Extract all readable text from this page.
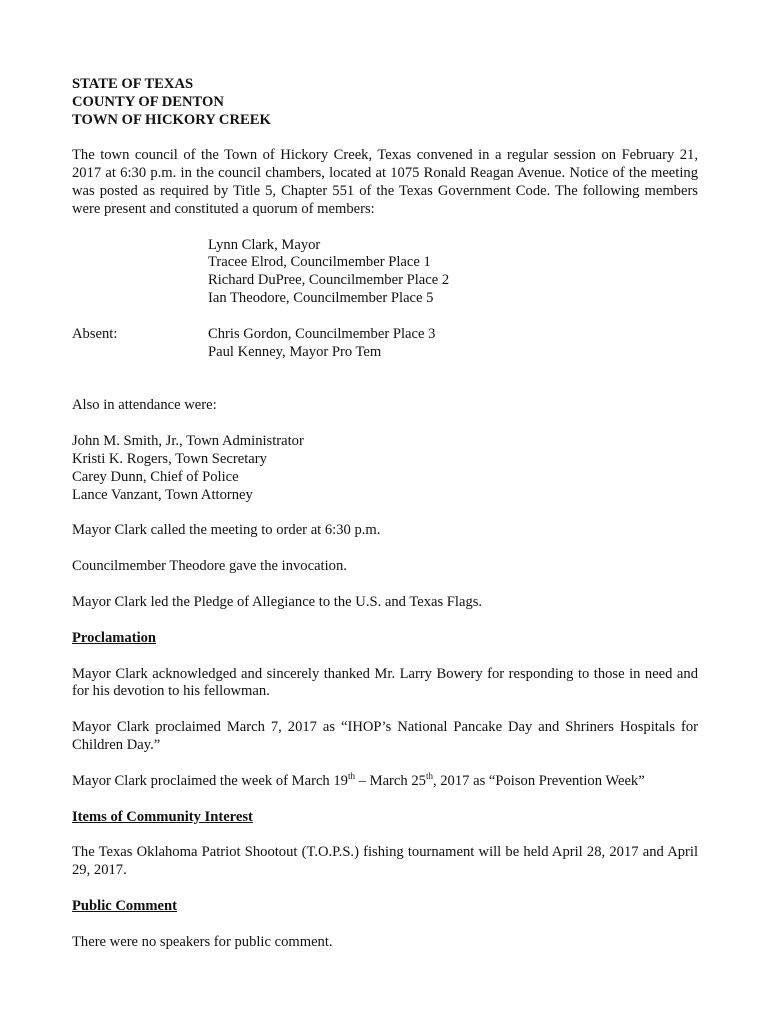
STATE OF TEXAS

COUNTY OF DENTON

TOWN OF HICKORY CREEK

The town council of the Town of Hickory Creek, Texas convened in a regular session on February 21, 2017 at 6:30 p.m. in the council chambers, located at 1075 Ronald Reagan Avenue. Notice of the meeting was posted as required by Title 5, Chapter 551 of the Texas Government Code. The following members were present and constituted a quorum of members:

Lynn Clark, Mayor
Tracee Elrod, Councilmember Place 1
Richard DuPree, Councilmember Place 2
Ian Theodore, Councilmember Place 5
Absent:	Chris Gordon, Councilmember Place 3
Paul Kenney, Mayor Pro Tem

Also in attendance were:

John M. Smith, Jr., Town Administrator
Kristi K. Rogers, Town Secretary
Carey Dunn, Chief of Police
Lance Vanzant, Town Attorney

Mayor Clark called the meeting to order at 6:30 p.m.

Councilmember Theodore gave the invocation.

Mayor Clark led the Pledge of Allegiance to the U.S. and Texas Flags.

Proclamation

Mayor Clark acknowledged and sincerely thanked Mr. Larry Bowery for responding to those in need and for his devotion to his fellowman.

Mayor Clark proclaimed March 7, 2017 as “IHOP’s National Pancake Day and Shriners Hospitals for Children Day.”

Mayor Clark proclaimed the week of March 19th – March 25th, 2017 as “Poison Prevention Week”

Items of Community Interest

The Texas Oklahoma Patriot Shootout (T.O.P.S.) fishing tournament will be held April 28, 2017 and April 29, 2017.

Public Comment

There were no speakers for public comment.
